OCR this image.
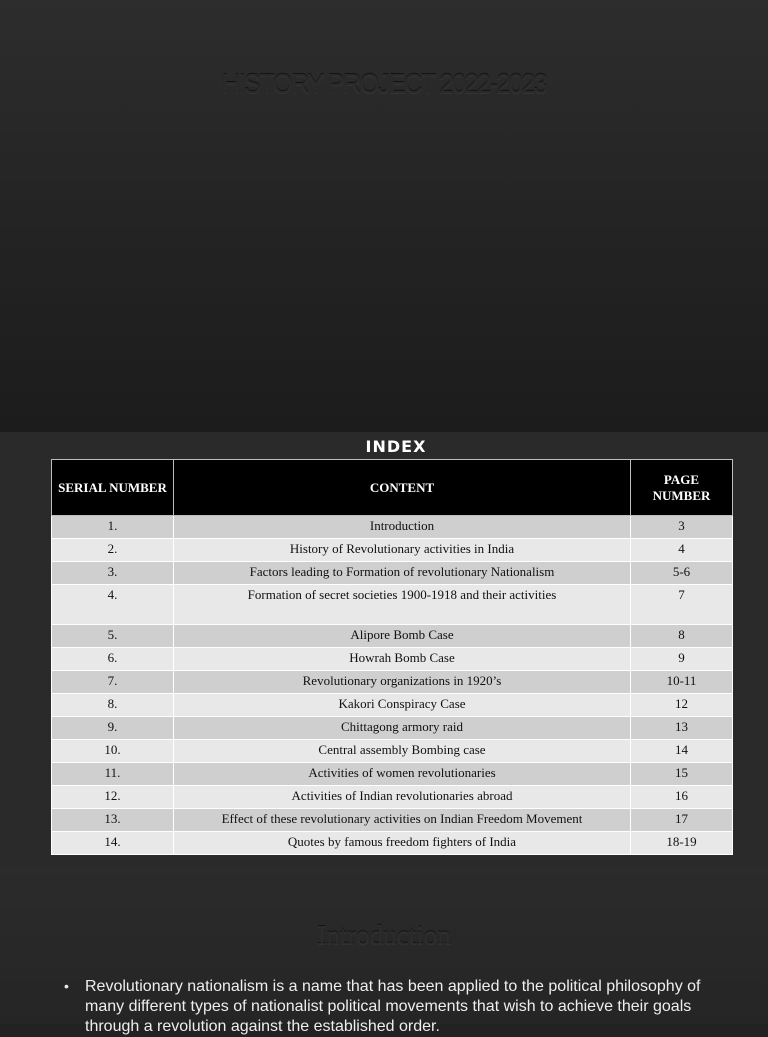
HISTORY PROJECT 2022-2023
INDEX
SERIAL NUMBER	CONTENT	PAGE NUMBER
1.	Introduction	3
2.	History of Revolutionary activities in India	4
3.	Factors leading to Formation of revolutionary Nationalism	5-6
4.	Formation of secret societies 1900-1918 and their activities	7
5.	Alipore Bomb Case	8
6.	Howrah Bomb Case	9
7.	Revolutionary organizations in 1920’s	10-11
8.	Kakori Conspiracy Case	12
9.	Chittagong armory raid	13
10.	Central assembly Bombing case	14
11.	Activities of women revolutionaries	15
12.	Activities of Indian revolutionaries abroad	16
13.	Effect of these revolutionary activities on Indian Freedom Movement	17
14.	Quotes by famous freedom fighters of India	18-19
Introduction
• Revolutionary nationalism is a name that has been applied to the political philosophy of many different types of nationalist political movements that wish to achieve their goals through a revolution against the established order.
